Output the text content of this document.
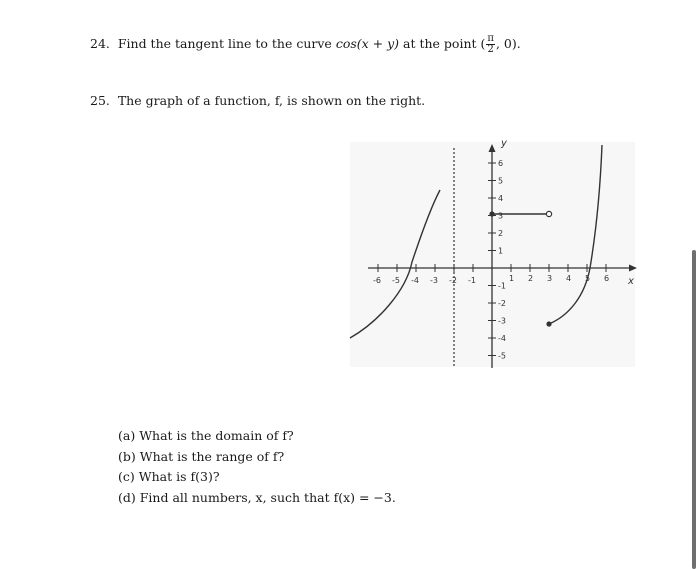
24. Find the tangent line to the curve cos(x + y) at the point ( $\frac{\pi}{2}$ , 0).
25. The graph of a function, f, is shown on the right.
x
y
-6 -5 -4 -3 -2 -1	1 2 3 4 5 6
6
5
4
3
2
1
-1
-2
-3
-4
-5
(a) What is the domain of f?
(b) What is the range of f?
(c) What is f(3)?
(d) Find all numbers, x, such that f(x) = −3.
